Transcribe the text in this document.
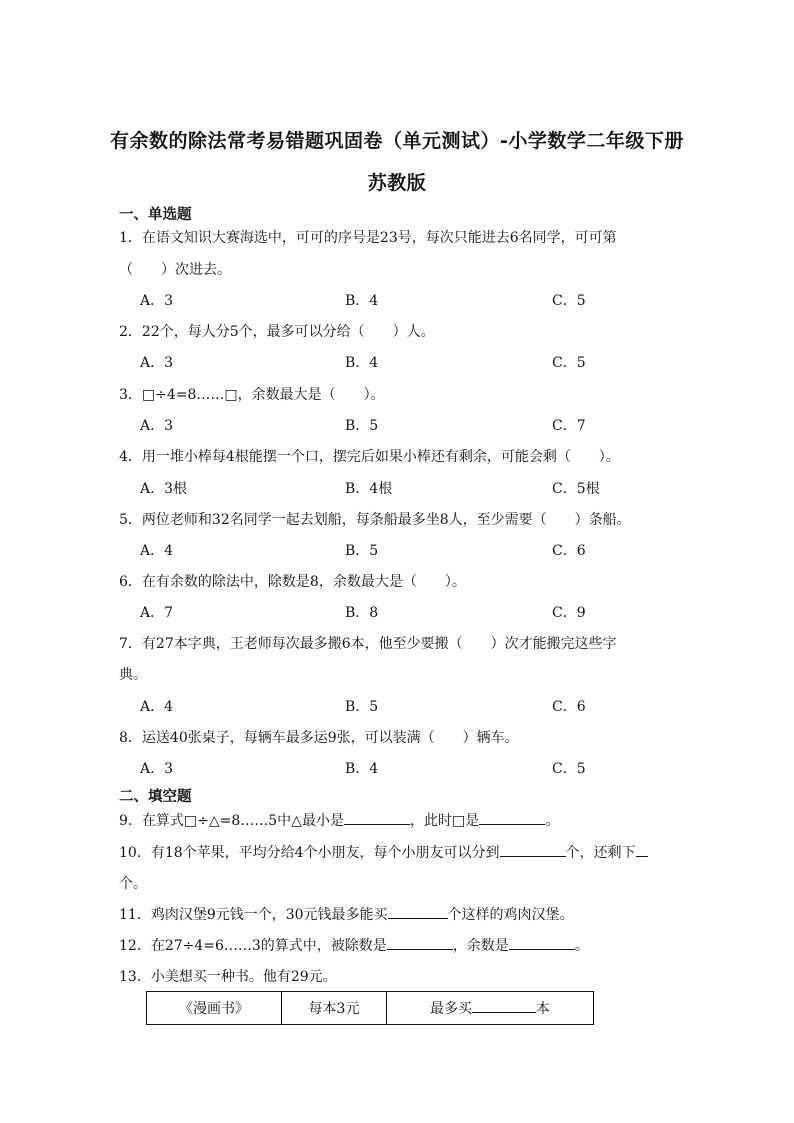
有余数的除法常考易错题巩固卷（单元测试）-小学数学二年级下册
苏教版
一、单选题
1．在语文知识大赛海选中，可可的序号是23号，每次只能进去6名同学，可可第
（　　）次进去。
A．3	B．4	C．5
2．22个，每人分5个，最多可以分给（　　）人。
A．3	B．4	C．5
3．□÷4=8……□，余数最大是（　　）。
A．3	B．5	C．7
4．用一堆小棒每4根能摆一个口，摆完后如果小棒还有剩余，可能会剩（　　）。
A．3根	B．4根	C．5根
5．两位老师和32名同学一起去划船，每条船最多坐8人，至少需要（　　）条船。
A．4	B．5	C．6
6．在有余数的除法中，除数是8，余数最大是（　　）。
A．7	B．8	C．9
7．有27本字典，王老师每次最多搬6本，他至少要搬（　　）次才能搬完这些字
典。
A．4	B．5	C．6
8．运送40张桌子，每辆车最多运9张，可以装满（　　）辆车。
A．3	B．4	C．5
二、填空题
9．在算式□÷△=8……5中△最小是	，此时□是	。
10．有18个苹果，平均分给4个小朋友，每个小朋友可以分到	个，还剩下
个。
11．鸡肉汉堡9元钱一个，30元钱最多能买	个这样的鸡肉汉堡。
12．在27÷4=6……3的算式中，被除数是	，余数是	。
13．小美想买一种书。他有29元。
《漫画书》	每本3元	最多买	本
